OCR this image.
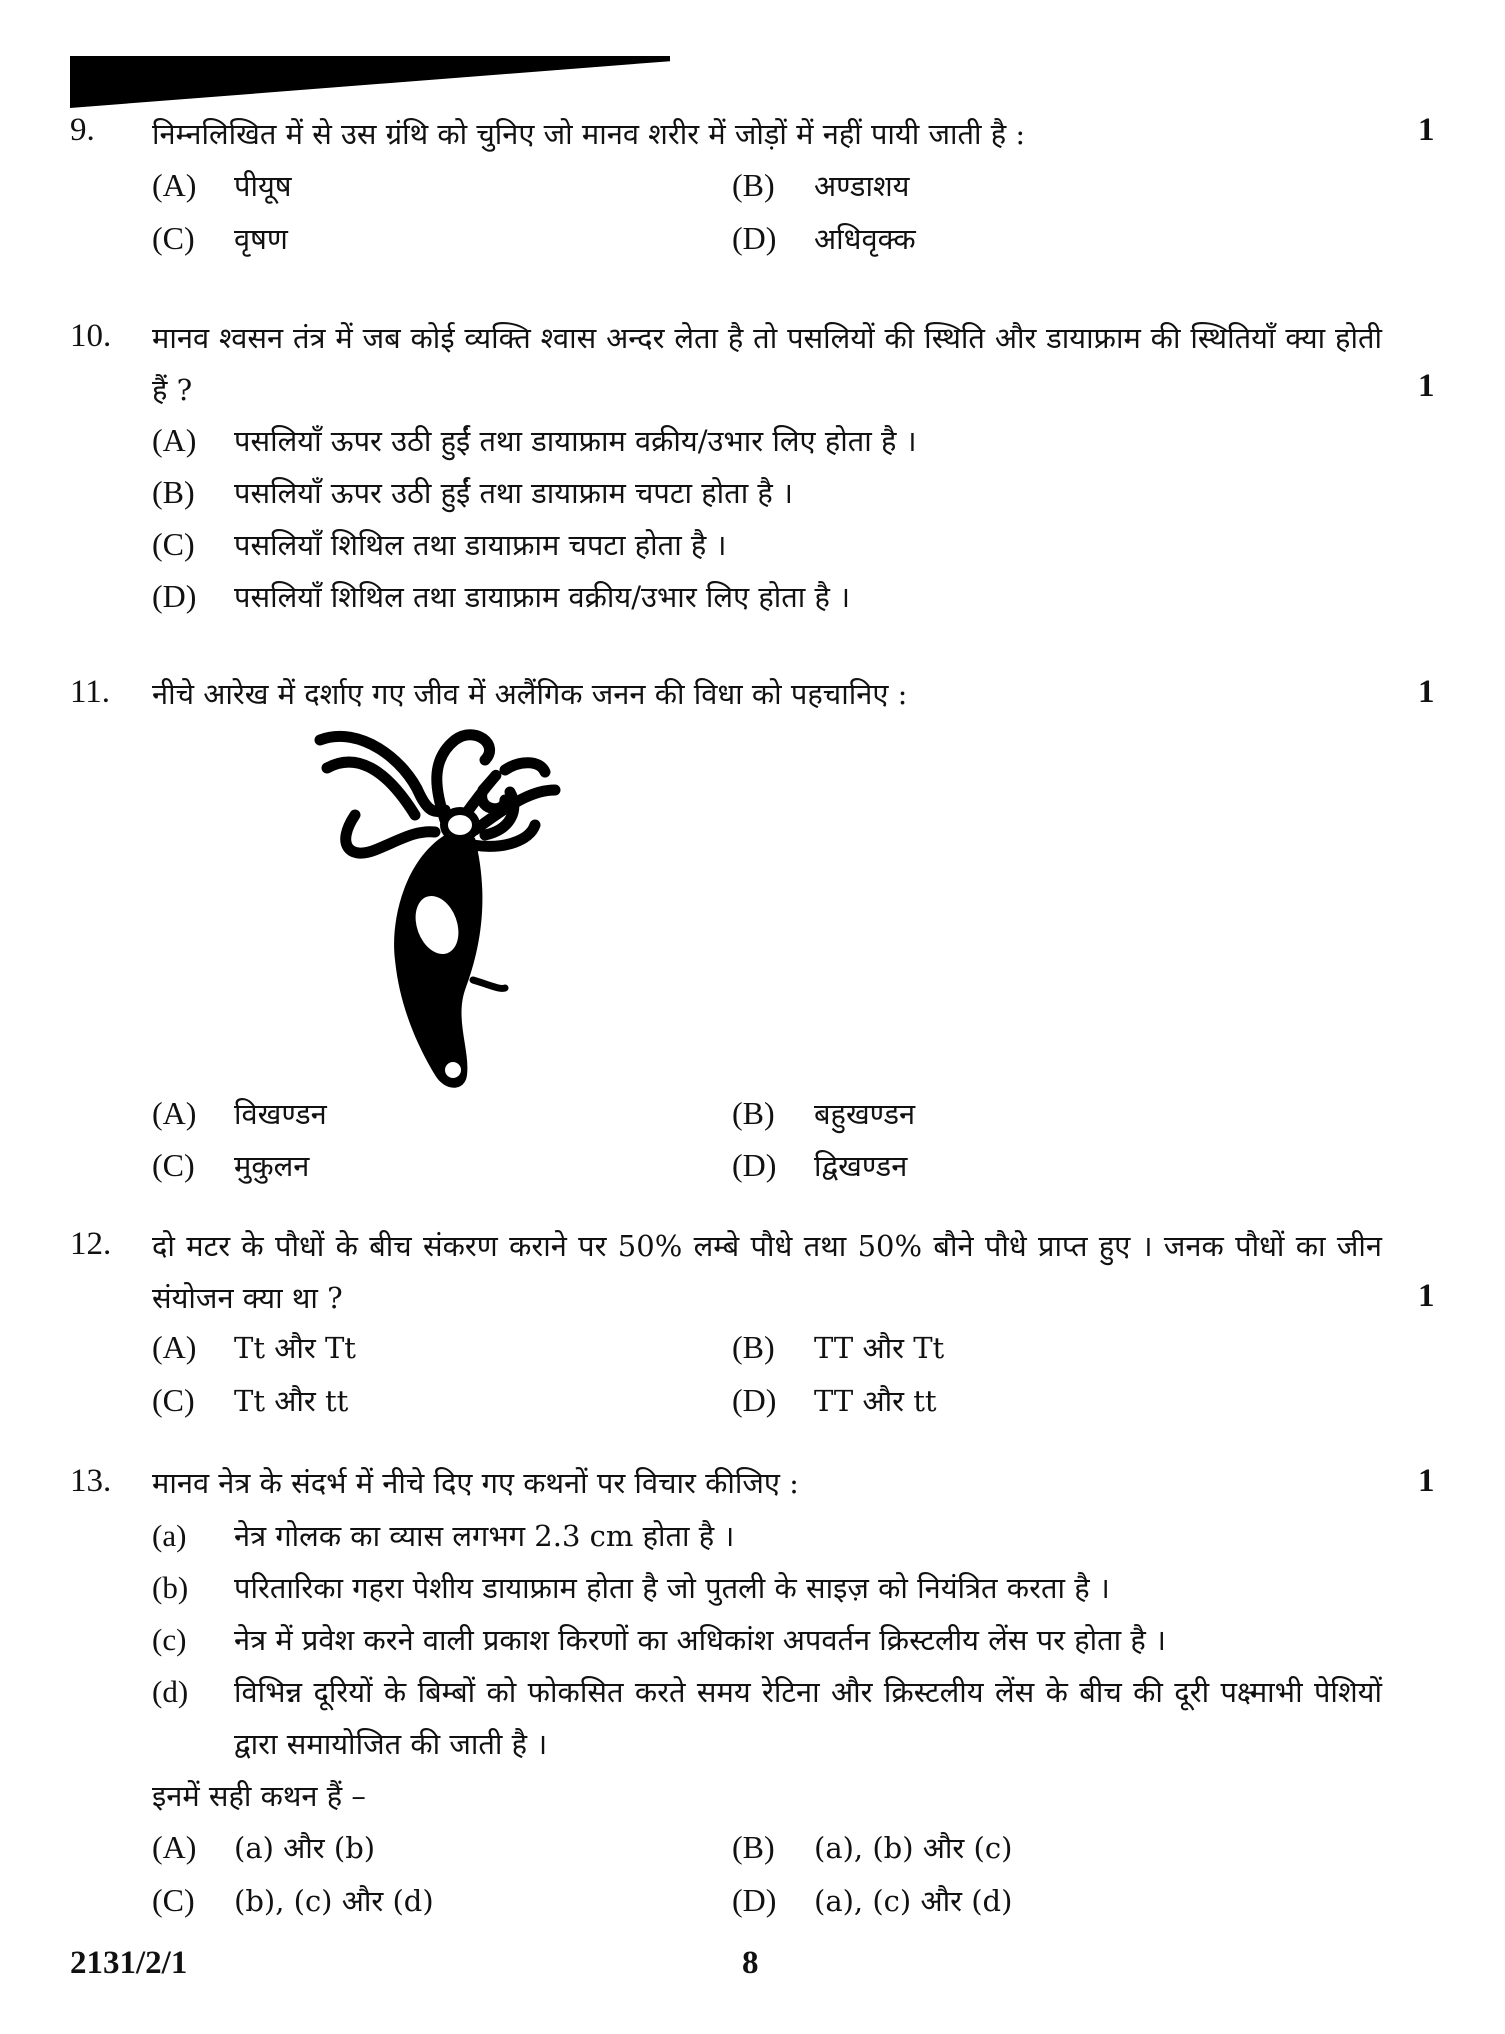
9. निम्नलिखित में से उस ग्रंथि को चुनिए जो मानव शरीर में जोड़ों में नहीं पायी जाती है :	1
(A) पीयूष	(B) अण्डाशय
(C) वृषण	(D) अधिवृक्क
10. मानव श्वसन तंत्र में जब कोई व्यक्ति श्वास अन्दर लेता है तो पसलियों की स्थिति और डायाफ्राम की स्थितियाँ क्या होती हैं ?	1
(A) पसलियाँ ऊपर उठी हुईं तथा डायाफ्राम वक्रीय/उभार लिए होता है ।
(B) पसलियाँ ऊपर उठी हुईं तथा डायाफ्राम चपटा होता है ।
(C) पसलियाँ शिथिल तथा डायाफ्राम चपटा होता है ।
(D) पसलियाँ शिथिल तथा डायाफ्राम वक्रीय/उभार लिए होता है ।
11. नीचे आरेख में दर्शाए गए जीव में अलैंगिक जनन की विधा को पहचानिए :	1
(A) विखण्डन	(B) बहुखण्डन
(C) मुकुलन	(D) द्विखण्डन
12. दो मटर के पौधों के बीच संकरण कराने पर 50% लम्बे पौधे तथा 50% बौने पौधे प्राप्त हुए । जनक पौधों का जीन संयोजन क्या था ?	1
(A) Tt और Tt	(B) TT और Tt
(C) Tt और tt	(D) TT और tt
13. मानव नेत्र के संदर्भ में नीचे दिए गए कथनों पर विचार कीजिए :	1
(a) नेत्र गोलक का व्यास लगभग 2.3 cm होता है ।
(b) परितारिका गहरा पेशीय डायाफ्राम होता है जो पुतली के साइज़ को नियंत्रित करता है ।
(c) नेत्र में प्रवेश करने वाली प्रकाश किरणों का अधिकांश अपवर्तन क्रिस्टलीय लेंस पर होता है ।
(d) विभिन्न दूरियों के बिम्बों को फोकसित करते समय रेटिना और क्रिस्टलीय लेंस के बीच की दूरी पक्ष्माभी पेशियों द्वारा समायोजित की जाती है ।
इनमें सही कथन हैं –
(A) (a) और (b)	(B) (a), (b) और (c)
(C) (b), (c) और (d)	(D) (a), (c) और (d)
2131/2/1	8
